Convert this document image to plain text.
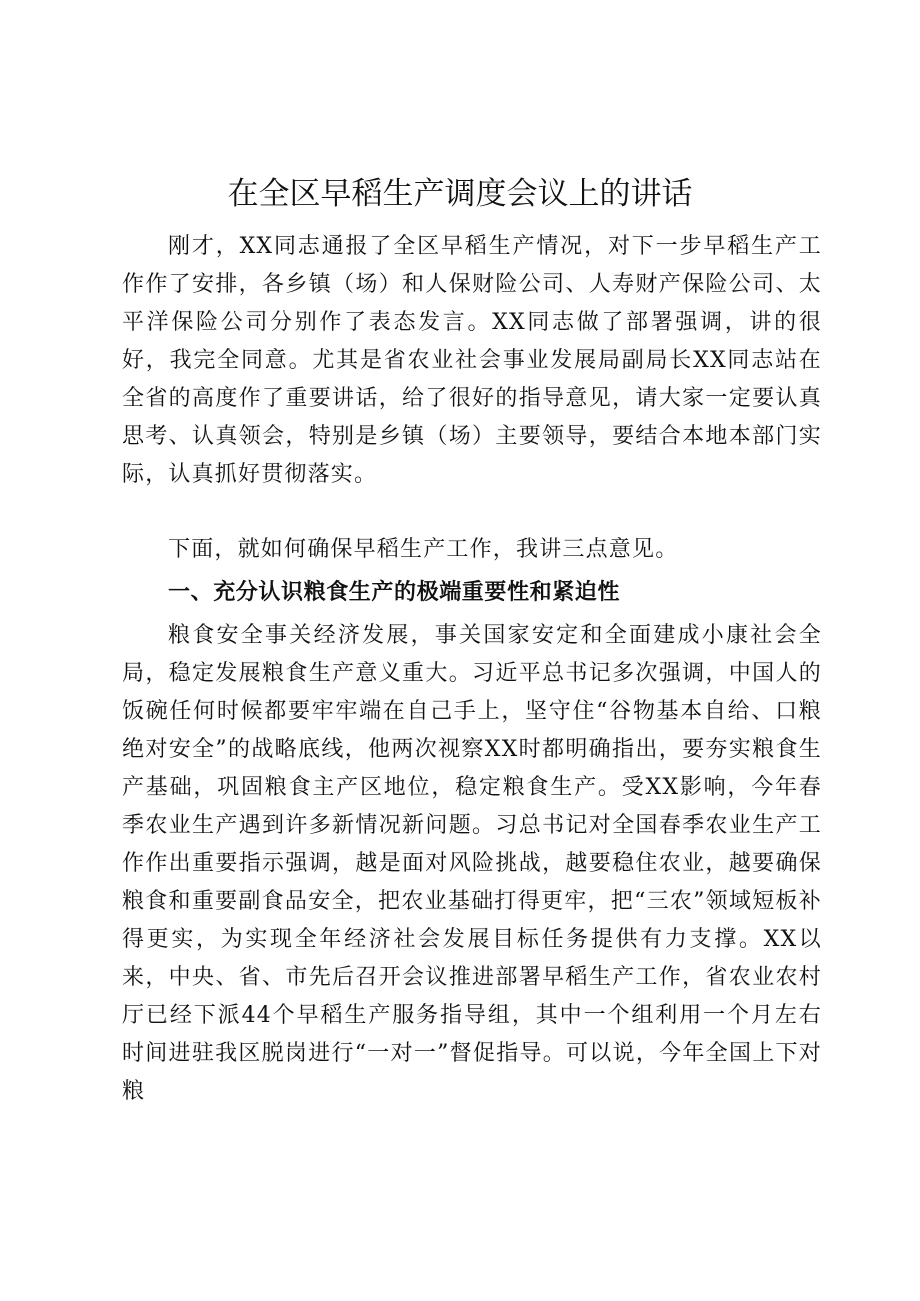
在全区早稻生产调度会议上的讲话

刚才，XX同志通报了全区早稻生产情况，对下一步早稻生产工作作了安排，各乡镇（场）和人保财险公司、人寿财产保险公司、太平洋保险公司分别作了表态发言。XX同志做了部署强调，讲的很好，我完全同意。尤其是省农业社会事业发展局副局长XX同志站在全省的高度作了重要讲话，给了很好的指导意见，请大家一定要认真思考、认真领会，特别是乡镇（场）主要领导，要结合本地本部门实际，认真抓好贯彻落实。

下面，就如何确保早稻生产工作，我讲三点意见。

一、充分认识粮食生产的极端重要性和紧迫性

粮食安全事关经济发展，事关国家安定和全面建成小康社会全局，稳定发展粮食生产意义重大。习近平总书记多次强调，中国人的饭碗任何时候都要牢牢端在自己手上，坚守住“谷物基本自给、口粮绝对安全”的战略底线，他两次视察XX时都明确指出，要夯实粮食生产基础，巩固粮食主产区地位，稳定粮食生产。受XX影响，今年春季农业生产遇到许多新情况新问题。习总书记对全国春季农业生产工作作出重要指示强调，越是面对风险挑战，越要稳住农业，越要确保粮食和重要副食品安全，把农业基础打得更牢，把“三农”领域短板补得更实，为实现全年经济社会发展目标任务提供有力支撑。XX以来，中央、省、市先后召开会议推进部署早稻生产工作，省农业农村厅已经下派44个早稻生产服务指导组，其中一个组利用一个月左右时间进驻我区脱岗进行“一对一”督促指导。可以说，今年全国上下对粮
